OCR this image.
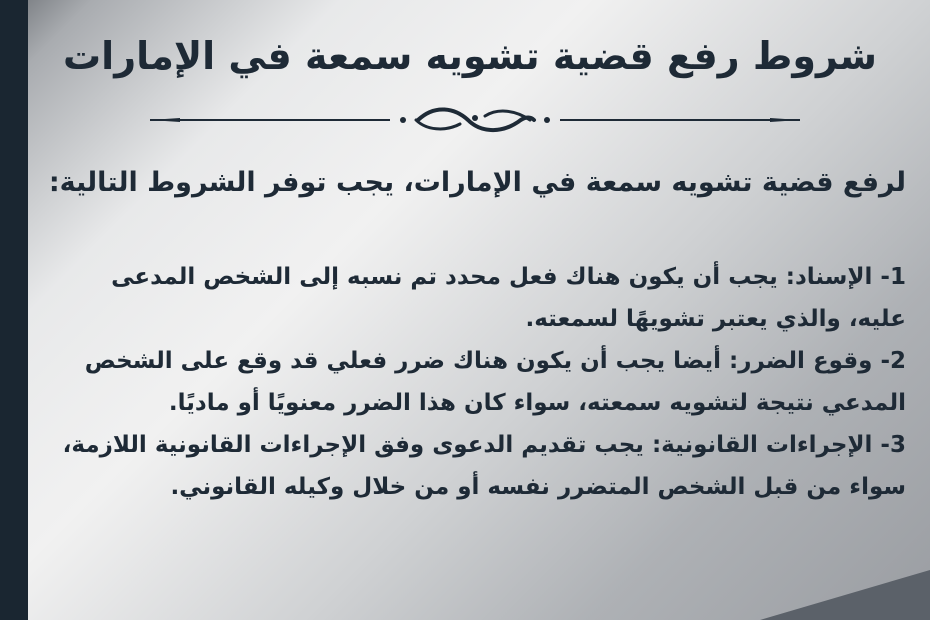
شروط رفع قضية تشويه سمعة في الإمارات
لرفع قضية تشويه سمعة في الإمارات، يجب توفر الشروط التالية:

1- الإسناد: يجب أن يكون هناك فعل محدد تم نسبه إلى الشخص المدعى عليه، والذي يعتبر تشويهًا لسمعته.

2- وقوع الضرر: أيضا يجب أن يكون هناك ضرر فعلي قد وقع على الشخص المدعي نتيجة لتشويه سمعته، سواء كان هذا الضرر معنويًا أو ماديًا.

3- الإجراءات القانونية: يجب تقديم الدعوى وفق الإجراءات القانونية اللازمة، سواء من قبل الشخص المتضرر نفسه أو من خلال وكيله القانوني.
